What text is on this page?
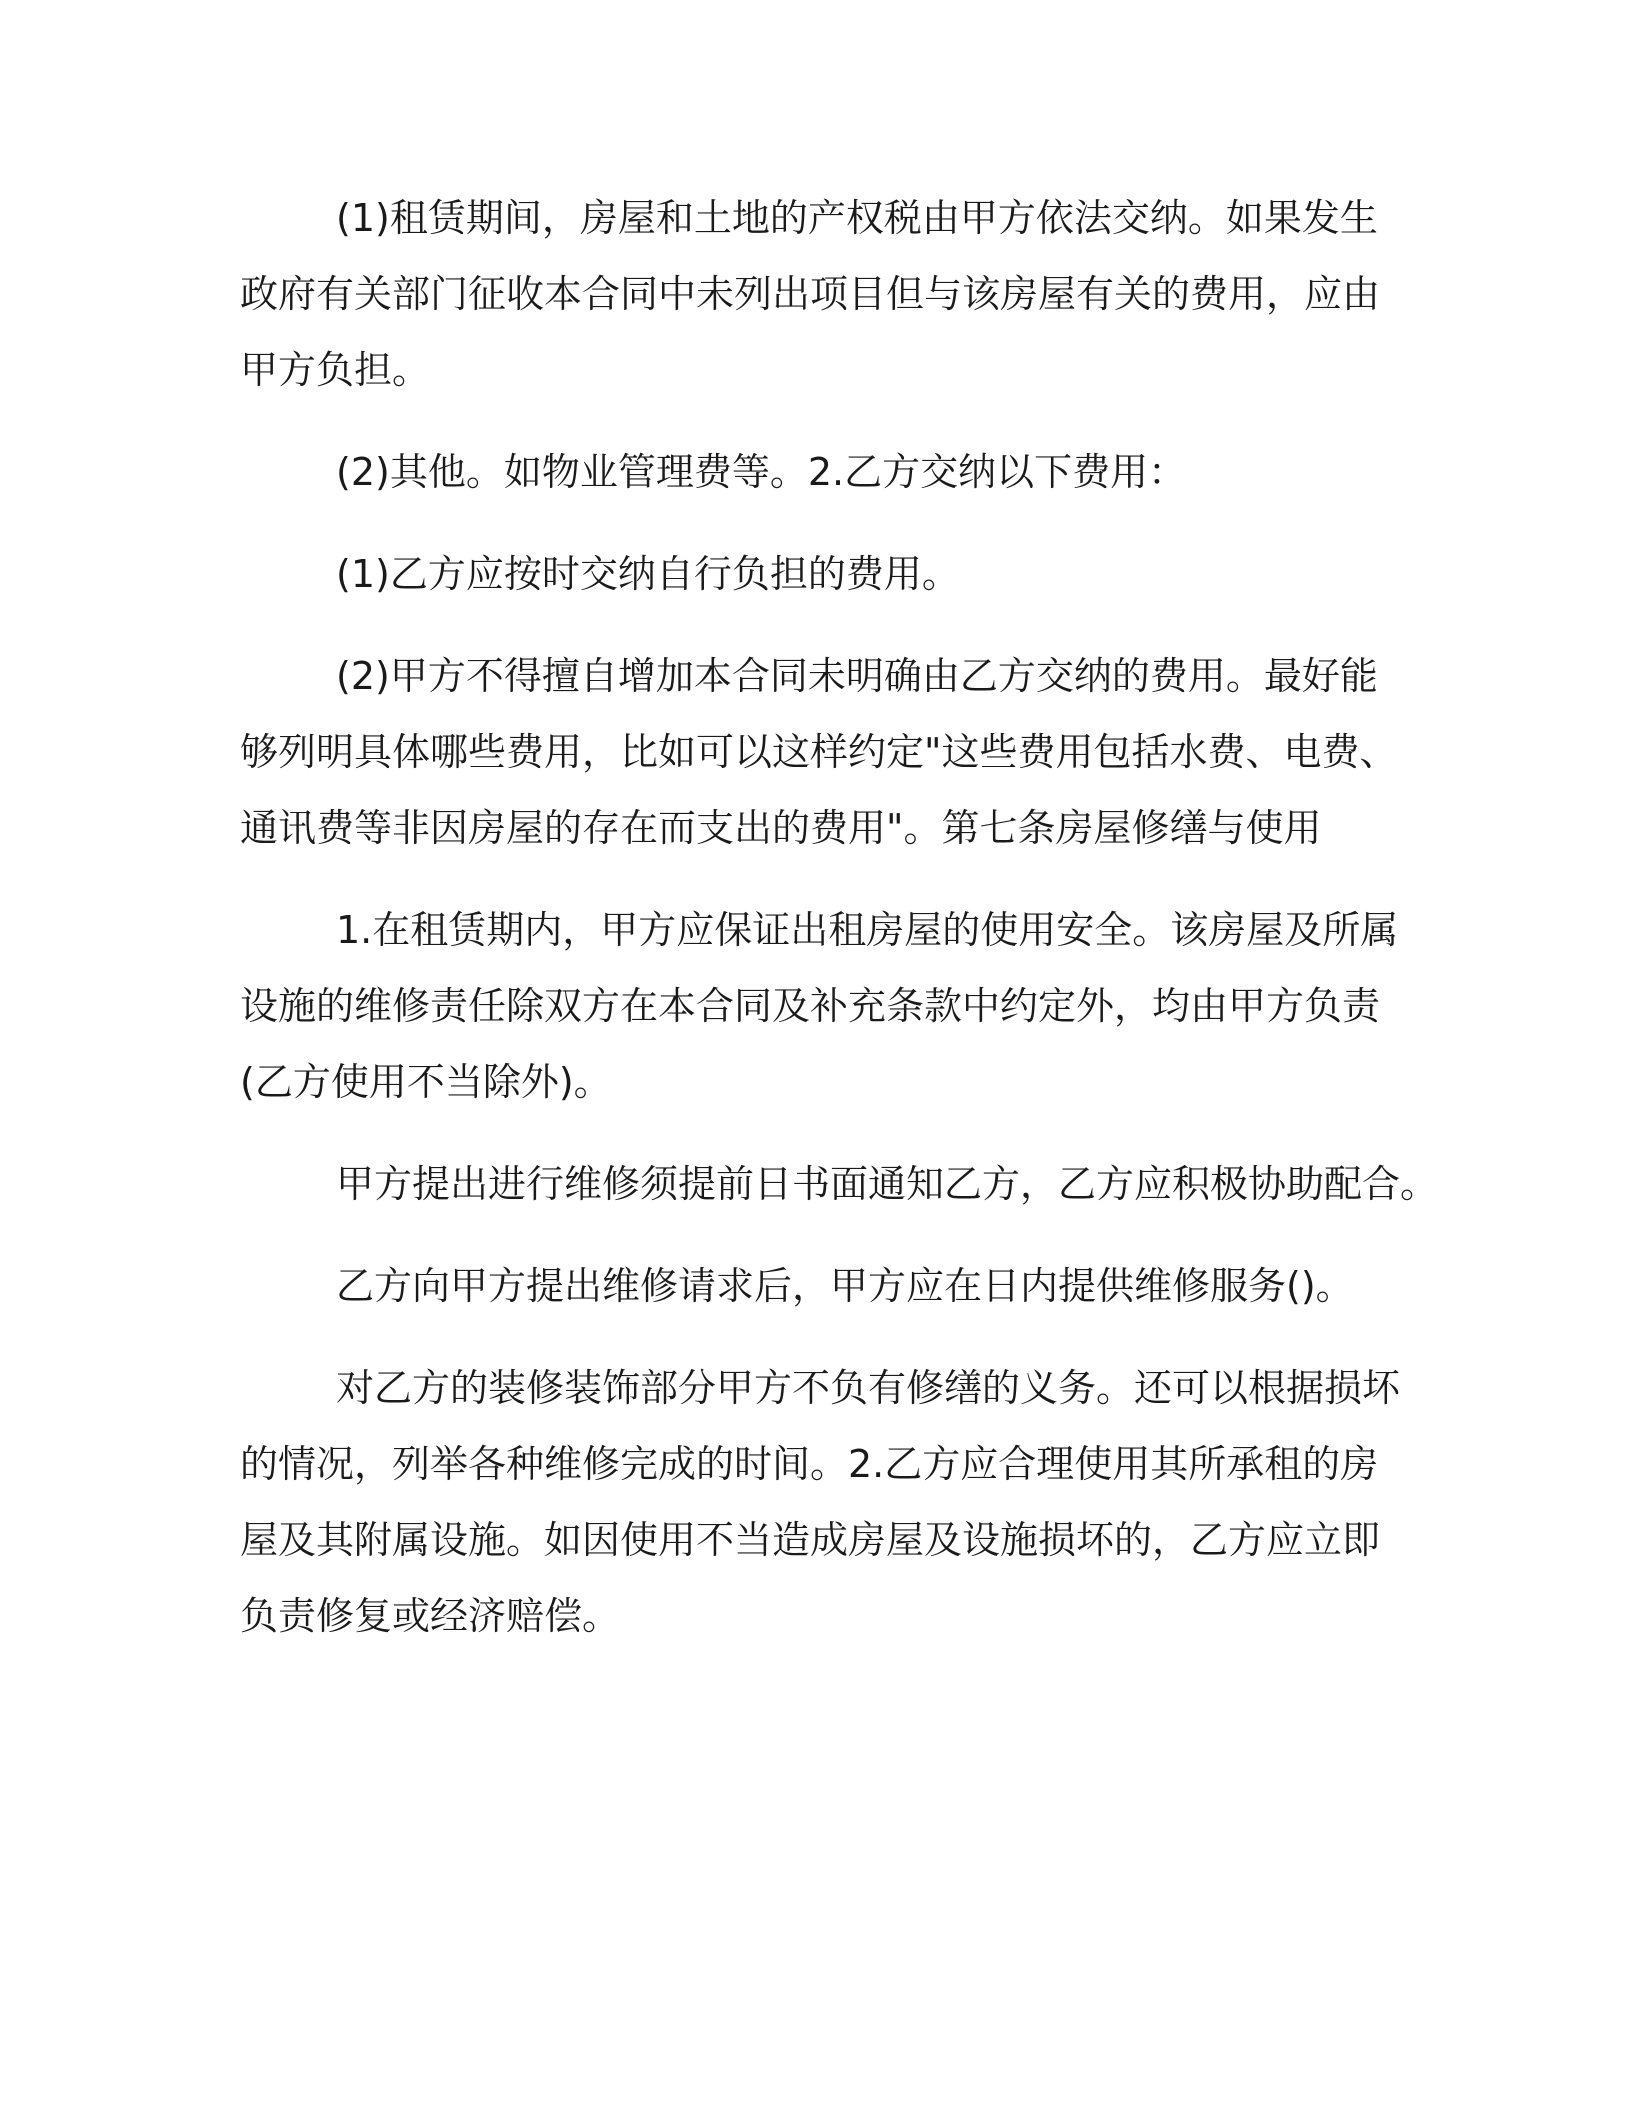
(1)租赁期间，房屋和土地的产权税由甲方依法交纳。如果发生
政府有关部门征收本合同中未列出项目但与该房屋有关的费用，应由
甲方负担。
(2)其他。如物业管理费等。2.乙方交纳以下费用：
(1)乙方应按时交纳自行负担的费用。
(2)甲方不得擅自增加本合同未明确由乙方交纳的费用。最好能
够列明具体哪些费用，比如可以这样约定"这些费用包括水费、电费、
通讯费等非因房屋的存在而支出的费用"。第七条房屋修缮与使用
1.在租赁期内，甲方应保证出租房屋的使用安全。该房屋及所属
设施的维修责任除双方在本合同及补充条款中约定外，均由甲方负责
(乙方使用不当除外)。
甲方提出进行维修须提前日书面通知乙方，乙方应积极协助配合。
乙方向甲方提出维修请求后，甲方应在日内提供维修服务()。
对乙方的装修装饰部分甲方不负有修缮的义务。还可以根据损坏
的情况，列举各种维修完成的时间。2.乙方应合理使用其所承租的房
屋及其附属设施。如因使用不当造成房屋及设施损坏的，乙方应立即
负责修复或经济赔偿。
